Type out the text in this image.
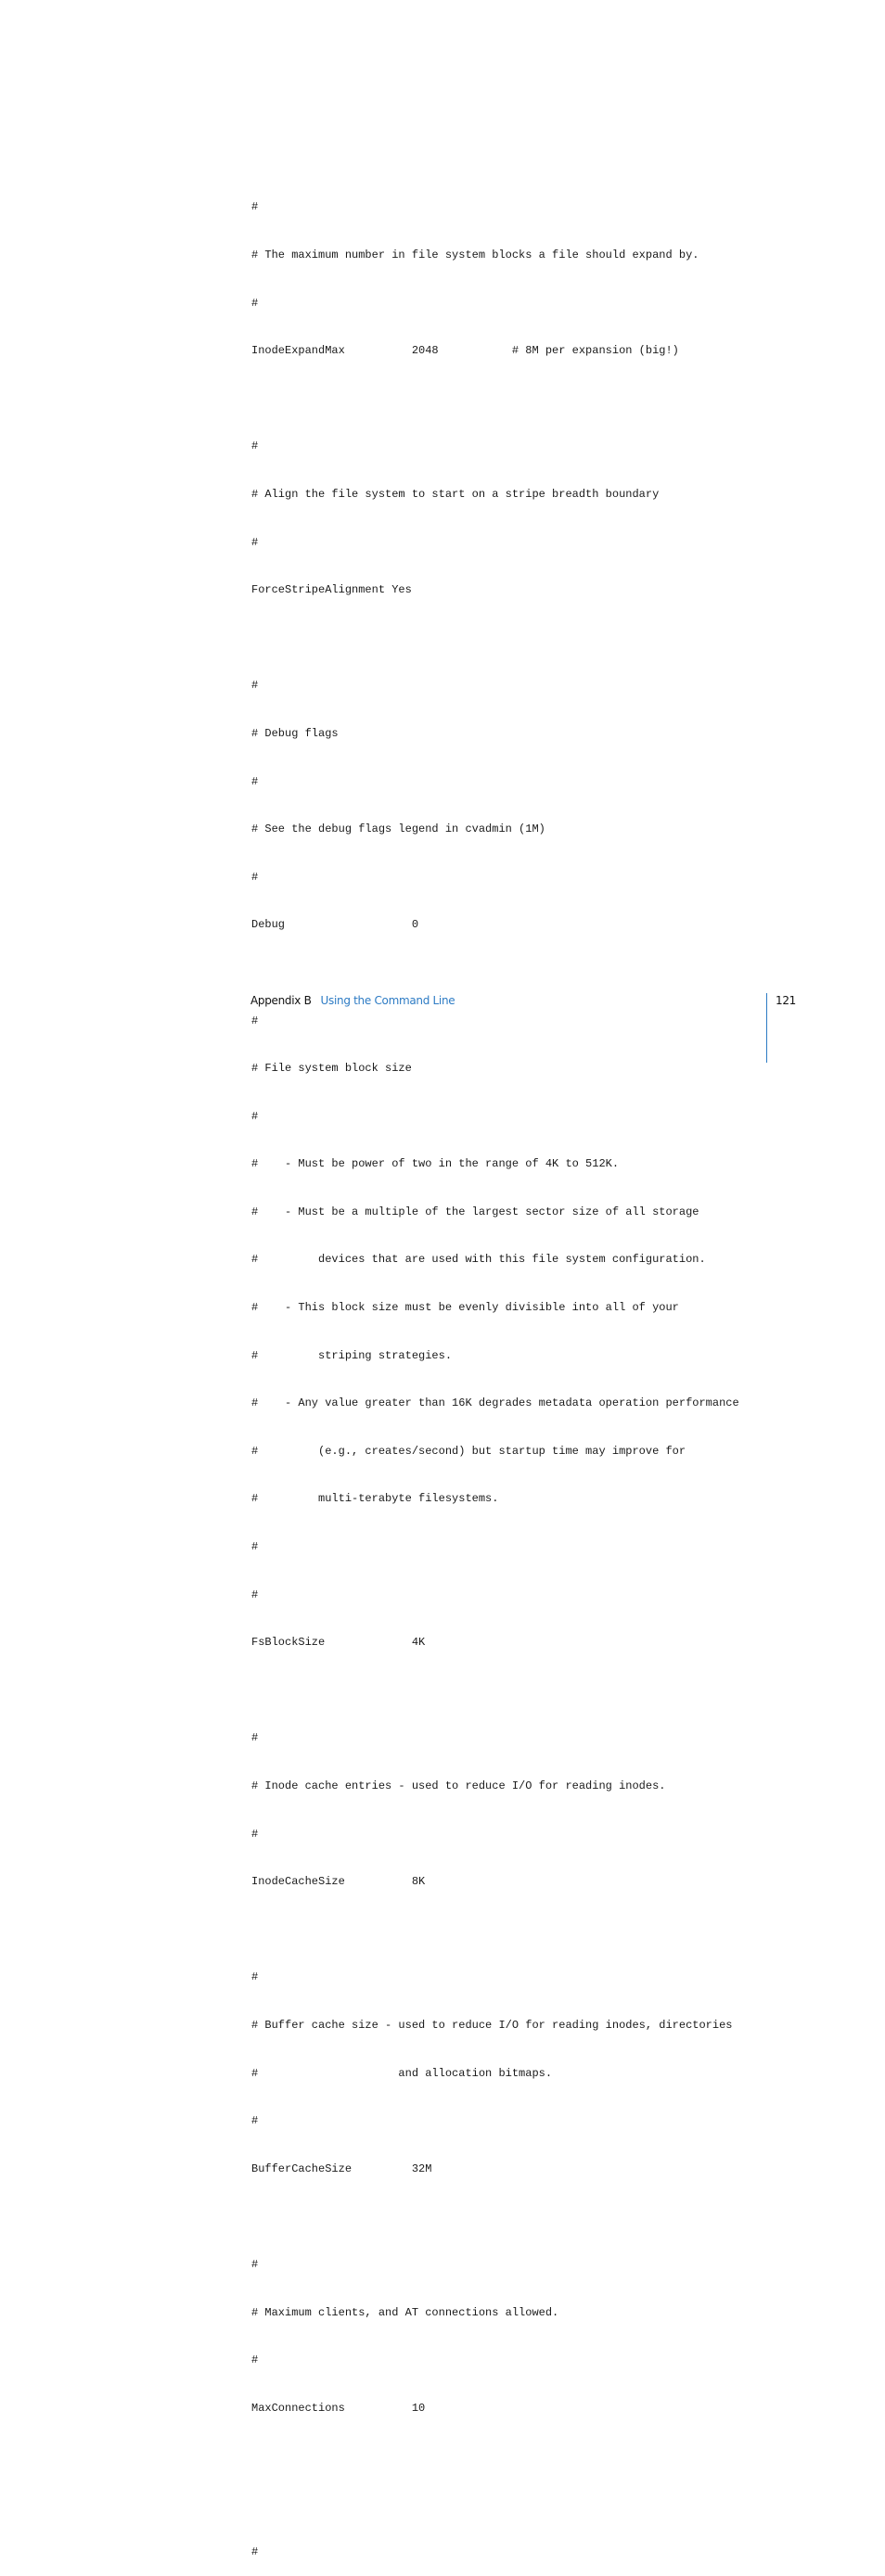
#

# The maximum number in file system blocks a file should expand by.

#

InodeExpandMax          2048           # 8M per expansion (big!)

#

# Align the file system to start on a stripe breadth boundary

#

ForceStripeAlignment Yes

#

# Debug flags

#

# See the debug flags legend in cvadmin (1M)

#

Debug                   0

#

# File system block size

#

#    - Must be power of two in the range of 4K to 512K.

#    - Must be a multiple of the largest sector size of all storage

#         devices that are used with this file system configuration.

#    - This block size must be evenly divisible into all of your

#         striping strategies.

#    - Any value greater than 16K degrades metadata operation performance

#         (e.g., creates/second) but startup time may improve for

#         multi-terabyte filesystems.

#

#

FsBlockSize             4K

#

# Inode cache entries - used to reduce I/O for reading inodes.

#

InodeCacheSize          8K

#

# Buffer cache size - used to reduce I/O for reading inodes, directories

#                     and allocation bitmaps.

#

BufferCacheSize         32M

#

# Maximum clients, and AT connections allowed.

#

MaxConnections          10

#

Appendix B Using the Command Line	121
